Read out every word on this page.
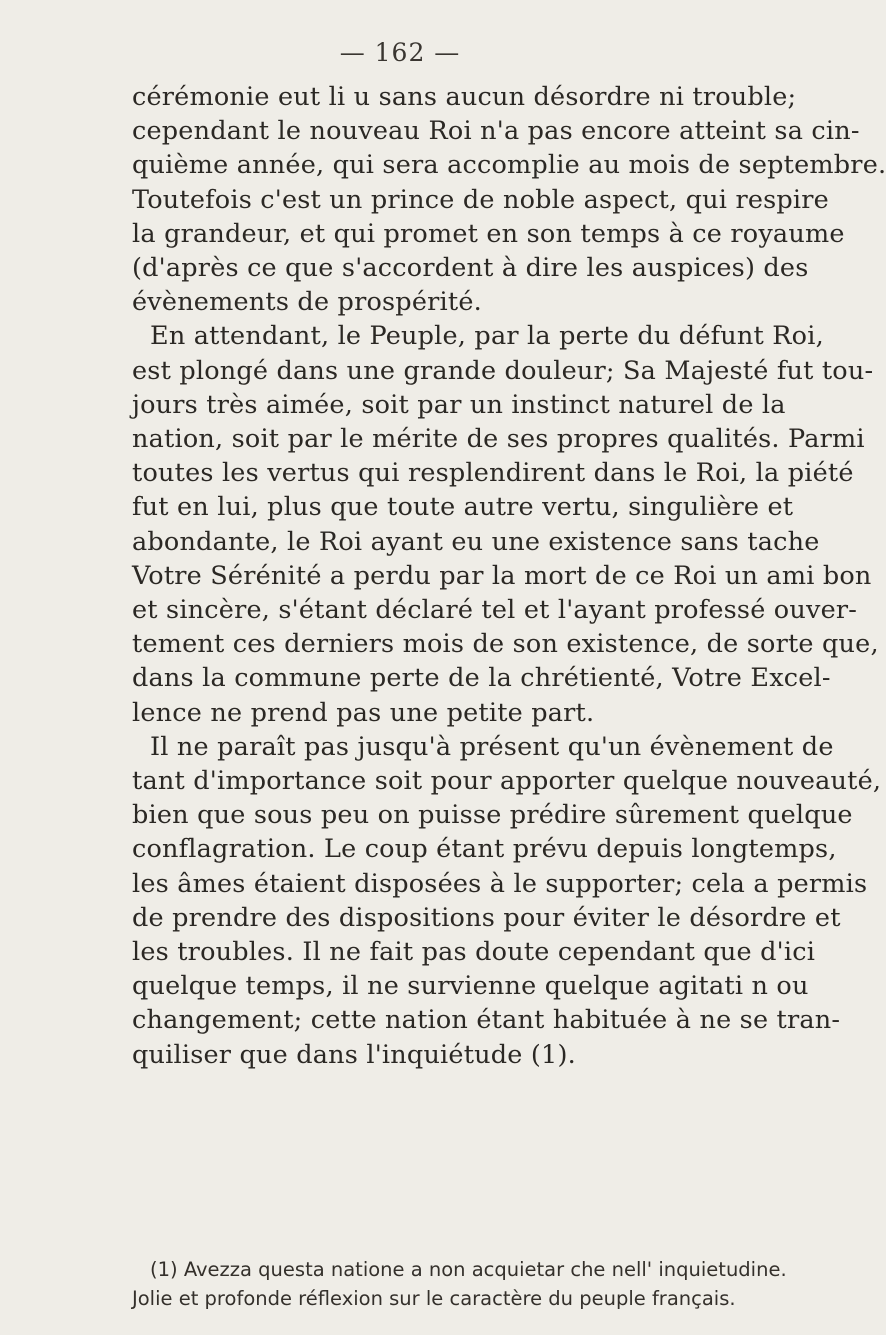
— 162 —
cérémonie eut li u sans aucun désordre ni trouble;
cependant le nouveau Roi n'a pas encore atteint sa cin-
quième année, qui sera accomplie au mois de septembre.
Toutefois c'est un prince de noble aspect, qui respire
la grandeur, et qui promet en son temps à ce royaume
(d'après ce que s'accordent à dire les auspices) des
évènements de prospérité.
En attendant, le Peuple, par la perte du défunt Roi,
est plongé dans une grande douleur; Sa Majesté fut tou-
jours très aimée, soit par un instinct naturel de la
nation, soit par le mérite de ses propres qualités. Parmi
toutes les vertus qui resplendirent dans le Roi, la piété
fut en lui, plus que toute autre vertu, singulière et
abondante, le Roi ayant eu une existence sans tache
Votre Sérénité a perdu par la mort de ce Roi un ami bon
et sincère, s'étant déclaré tel et l'ayant professé ouver-
tement ces derniers mois de son existence, de sorte que,
dans la commune perte de la chrétienté, Votre Excel-
lence ne prend pas une petite part.
Il ne paraît pas jusqu'à présent qu'un évènement de
tant d'importance soit pour apporter quelque nouveauté,
bien que sous peu on puisse prédire sûrement quelque
conflagration. Le coup étant prévu depuis longtemps,
les âmes étaient disposées à le supporter; cela a permis
de prendre des dispositions pour éviter le désordre et
les troubles. Il ne fait pas doute cependant que d'ici
quelque temps, il ne survienne quelque agitati n ou
changement; cette nation étant habituée à ne se tran-
quiliser que dans l'inquiétude (1).
(1) Avezza questa natione a non acquietar che nell' inquietudine.
Jolie et profonde réflexion sur le caractère du peuple français.
